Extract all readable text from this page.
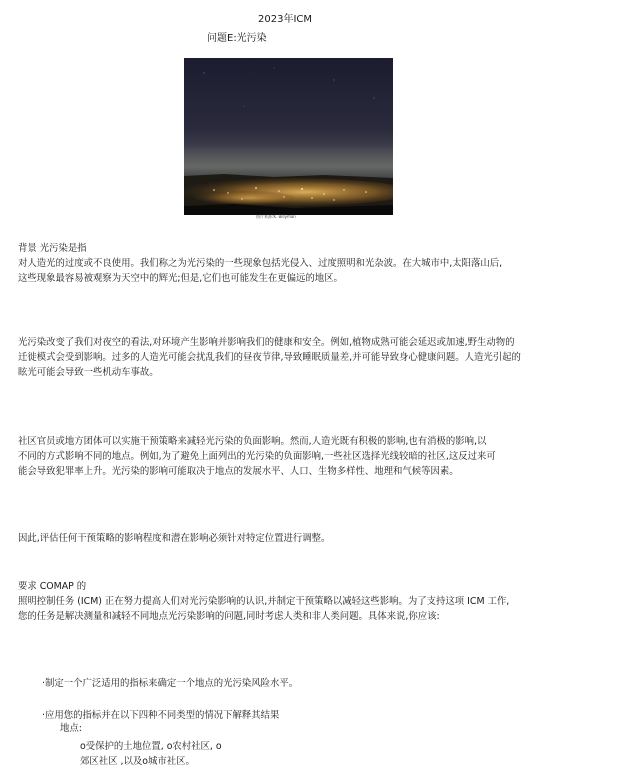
2023年ICM
问题E:光污染
图片来源:K. Billyman
背景 光污染是指
对人造光的过度或不良使用。我们称之为光污染的一些现象包括光侵入、过度照明和光杂波。在大城市中,太阳落山后,
这些现象最容易被观察为天空中的辉光;但是,它们也可能发生在更偏远的地区。
光污染改变了我们对夜空的看法,对环境产生影响并影响我们的健康和安全。例如,植物成熟可能会延迟或加速,野生动物的
迁徙模式会受到影响。过多的人造光可能会扰乱我们的昼夜节律,导致睡眠质量差,并可能导致身心健康问题。人造光引起的
眩光可能会导致一些机动车事故。
社区官员或地方团体可以实施干预策略来减轻光污染的负面影响。然而,人造光既有积极的影响,也有消极的影响,以
不同的方式影响不同的地点。例如,为了避免上面列出的光污染的负面影响,一些社区选择光线较暗的社区,这反过来可
能会导致犯罪率上升。光污染的影响可能取决于地点的发展水平、人口、生物多样性、地理和气候等因素。
因此,评估任何干预策略的影响程度和潜在影响必须针对特定位置进行调整。
要求 COMAP 的
照明控制任务 (ICM) 正在努力提高人们对光污染影响的认识,并制定干预策略以减轻这些影响。为了支持这项 ICM 工作,
您的任务是解决测量和减轻不同地点光污染影响的问题,同时考虑人类和非人类问题。具体来说,你应该:
·制定一个广泛适用的指标来确定一个地点的光污染风险水平。
·应用您的指标并在以下四种不同类型的情况下解释其结果
地点:
o受保护的土地位置, o农村社区, o
郊区社区 ,以及o城市社区。
